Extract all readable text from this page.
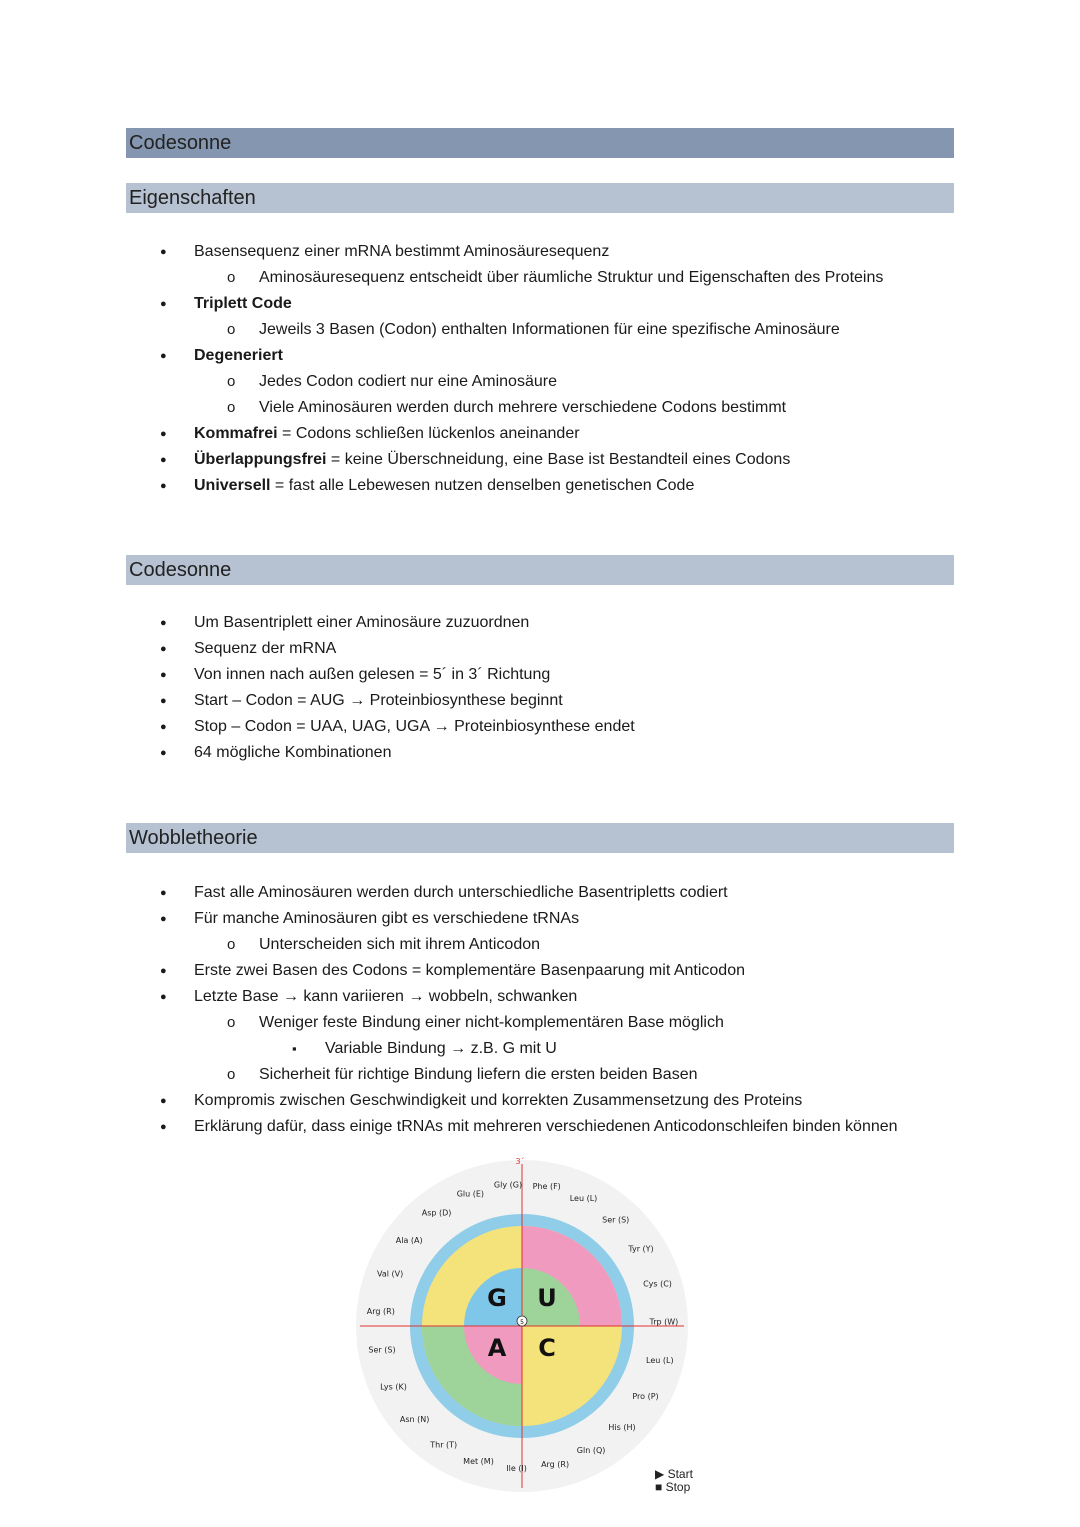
Codesonne
Eigenschaften
● Basensequenz einer mRNA bestimmt Aminosäuresequenz
o Aminosäuresequenz entscheidt über räumliche Struktur und Eigenschaften des Proteins
● Triplett Code
o Jeweils 3 Basen (Codon) enthalten Informationen für eine spezifische Aminosäure
● Degeneriert
o Jedes Codon codiert nur eine Aminosäure
o Viele Aminosäuren werden durch mehrere verschiedene Codons bestimmt
● Kommafrei = Codons schließen lückenlos aneinander
● Überlappungsfrei = keine Überschneidung, eine Base ist Bestandteil eines Codons
● Universell = fast alle Lebewesen nutzen denselben genetischen Code
Codesonne
● Um Basentriplett einer Aminosäure zuzuordnen
● Sequenz der mRNA
● Von innen nach außen gelesen = 5´ in 3´ Richtung
● Start – Codon = AUG → Proteinbiosynthese beginnt
● Stop – Codon = UAA, UAG, UGA → Proteinbiosynthese endet
● 64 mögliche Kombinationen
Wobbletheorie
● Fast alle Aminosäuren werden durch unterschiedliche Basentripletts codiert
● Für manche Aminosäuren gibt es verschiedene tRNAs
o Unterscheiden sich mit ihrem Anticodon
● Erste zwei Basen des Codons = komplementäre Basenpaarung mit Anticodon
● Letzte Base → kann variieren → wobbeln, schwanken
o Weniger feste Bindung einer nicht-komplementären Base möglich
▪ Variable Bindung → z.B. G mit U
o Sicherheit für richtige Bindung liefern die ersten beiden Basen
● Kompromis zwischen Geschwindigkeit und korrekten Zusammensetzung des Proteins
● Erklärung dafür, dass einige tRNAs mit mehreren verschiedenen Anticodonschleifen binden können
G U
C
A
5
3´
Phe (F)
Leu (L)
Ser (S)
Tyr (Y)
Cys (C)
Trp (W)
Leu (L)
Pro (P)
His (H)
Gln (Q)
Arg (R)
Ile (I)
Met (M)
Thr (T)
Asn (N)
Lys (K)
Ser (S)
Arg (R)
Val (V)
Ala (A)
Asp (D)
Glu (E)
Gly (G)
▶ Start
■ Stop
